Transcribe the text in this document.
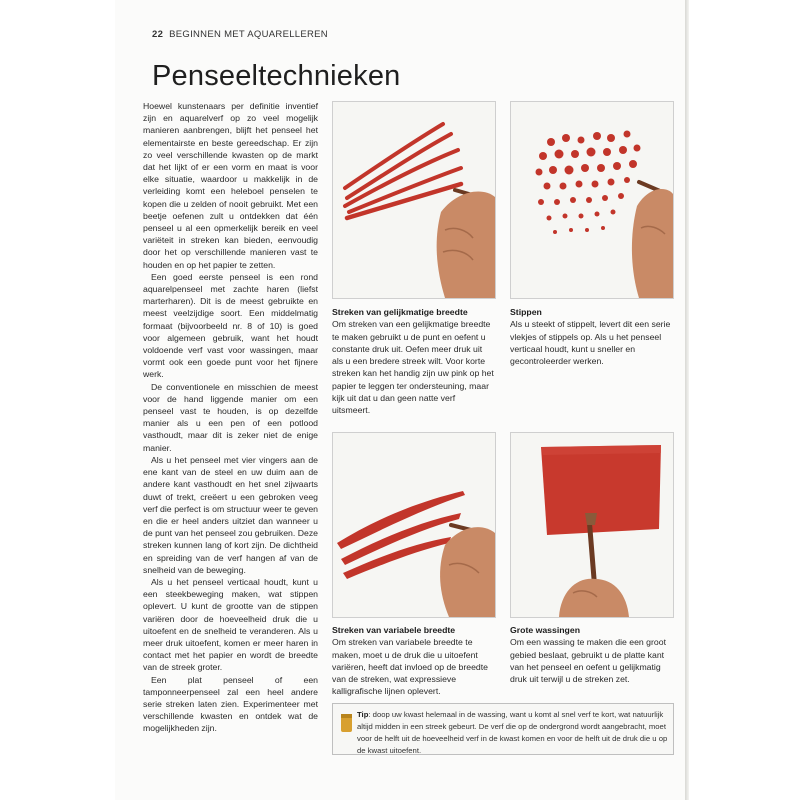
22 BEGINNEN MET AQUARELLEREN
Penseeltechnieken

Hoewel kunstenaars per definitie inventief zijn en aquarelverf op zo veel mogelijk manieren aanbrengen, blijft het penseel het elementairste en beste gereedschap. Er zijn zo veel verschillende kwasten op de markt dat het lijkt of er een vorm en maat is voor elke situatie, waardoor u makkelijk in de verleiding komt een heleboel penselen te kopen die u zelden of nooit gebruikt. Met een beetje oefenen zult u ontdekken dat één penseel u al een opmerkelijk bereik en veel variëteit in streken kan bieden, eenvoudig door het op verschillende manieren vast te houden en op het papier te zetten.

Een goed eerste penseel is een rond aquarelpenseel met zachte haren (liefst marterharen). Dit is de meest gebruikte en meest veelzijdige soort. Een middelmatig formaat (bijvoorbeeld nr. 8 of 10) is goed voor algemeen gebruik, want het houdt voldoende verf vast voor wassingen, maar vormt ook een goede punt voor het fijnere werk.

De conventionele en misschien de meest voor de hand liggende manier om een penseel vast te houden, is op dezelfde manier als u een pen of een potlood vasthoudt, maar dit is zeker niet de enige manier.

Als u het penseel met vier vingers aan de ene kant van de steel en uw duim aan de andere kant vasthoudt en het snel zijwaarts duwt of trekt, creëert u een gebroken veeg verf die perfect is om structuur weer te geven en die er heel anders uitziet dan wanneer u de punt van het penseel zou gebruiken. Deze streken kunnen lang of kort zijn. De dichtheid en spreiding van de verf hangen af van de snelheid van de beweging.

Als u het penseel verticaal houdt, kunt u een steekbeweging maken, wat stippen oplevert. U kunt de grootte van de stippen variëren door de hoeveelheid druk die u uitoefent en de snelheid te veranderen. Als u meer druk uitoefent, komen er meer haren in contact met het papier en wordt de breedte van de streek groter.

Een plat penseel of een tamponneerpenseel zal een heel andere serie streken laten zien. Experimenteer met verschillende kwasten en ontdek wat de mogelijkheden zijn.

Streken van gelijkmatige breedte
Om streken van een gelijkmatige breedte te maken gebruikt u de punt en oefent u constante druk uit. Oefen meer druk uit als u een bredere streek wilt. Voor korte streken kan het handig zijn uw pink op het papier te leggen ter ondersteuning, maar kijk uit dat u dan geen natte verf uitsmeert.
Stippen
Als u steekt of stippelt, levert dit een serie vlekjes of stippels op. Als u het penseel verticaal houdt, kunt u sneller en gecontroleerder werken.
Streken van variabele breedte
Om streken van variabele breedte te maken, moet u de druk die u uitoefent variëren, heeft dat invloed op de breedte van de streken, wat expressieve kalligrafische lijnen oplevert.
Grote wassingen
Om een wassing te maken die een groot gebied beslaat, gebruikt u de platte kant van het penseel en oefent u gelijkmatig druk uit terwijl u de streken zet.
Tip: doop uw kwast helemaal in de wassing, want u komt al snel verf te kort, wat natuurlijk altijd midden in een streek gebeurt. De verf die op de ondergrond wordt aangebracht, moet voor de helft uit de hoeveelheid verf in de kwast komen en voor de helft uit de druk die u op de kwast uitoefent.
